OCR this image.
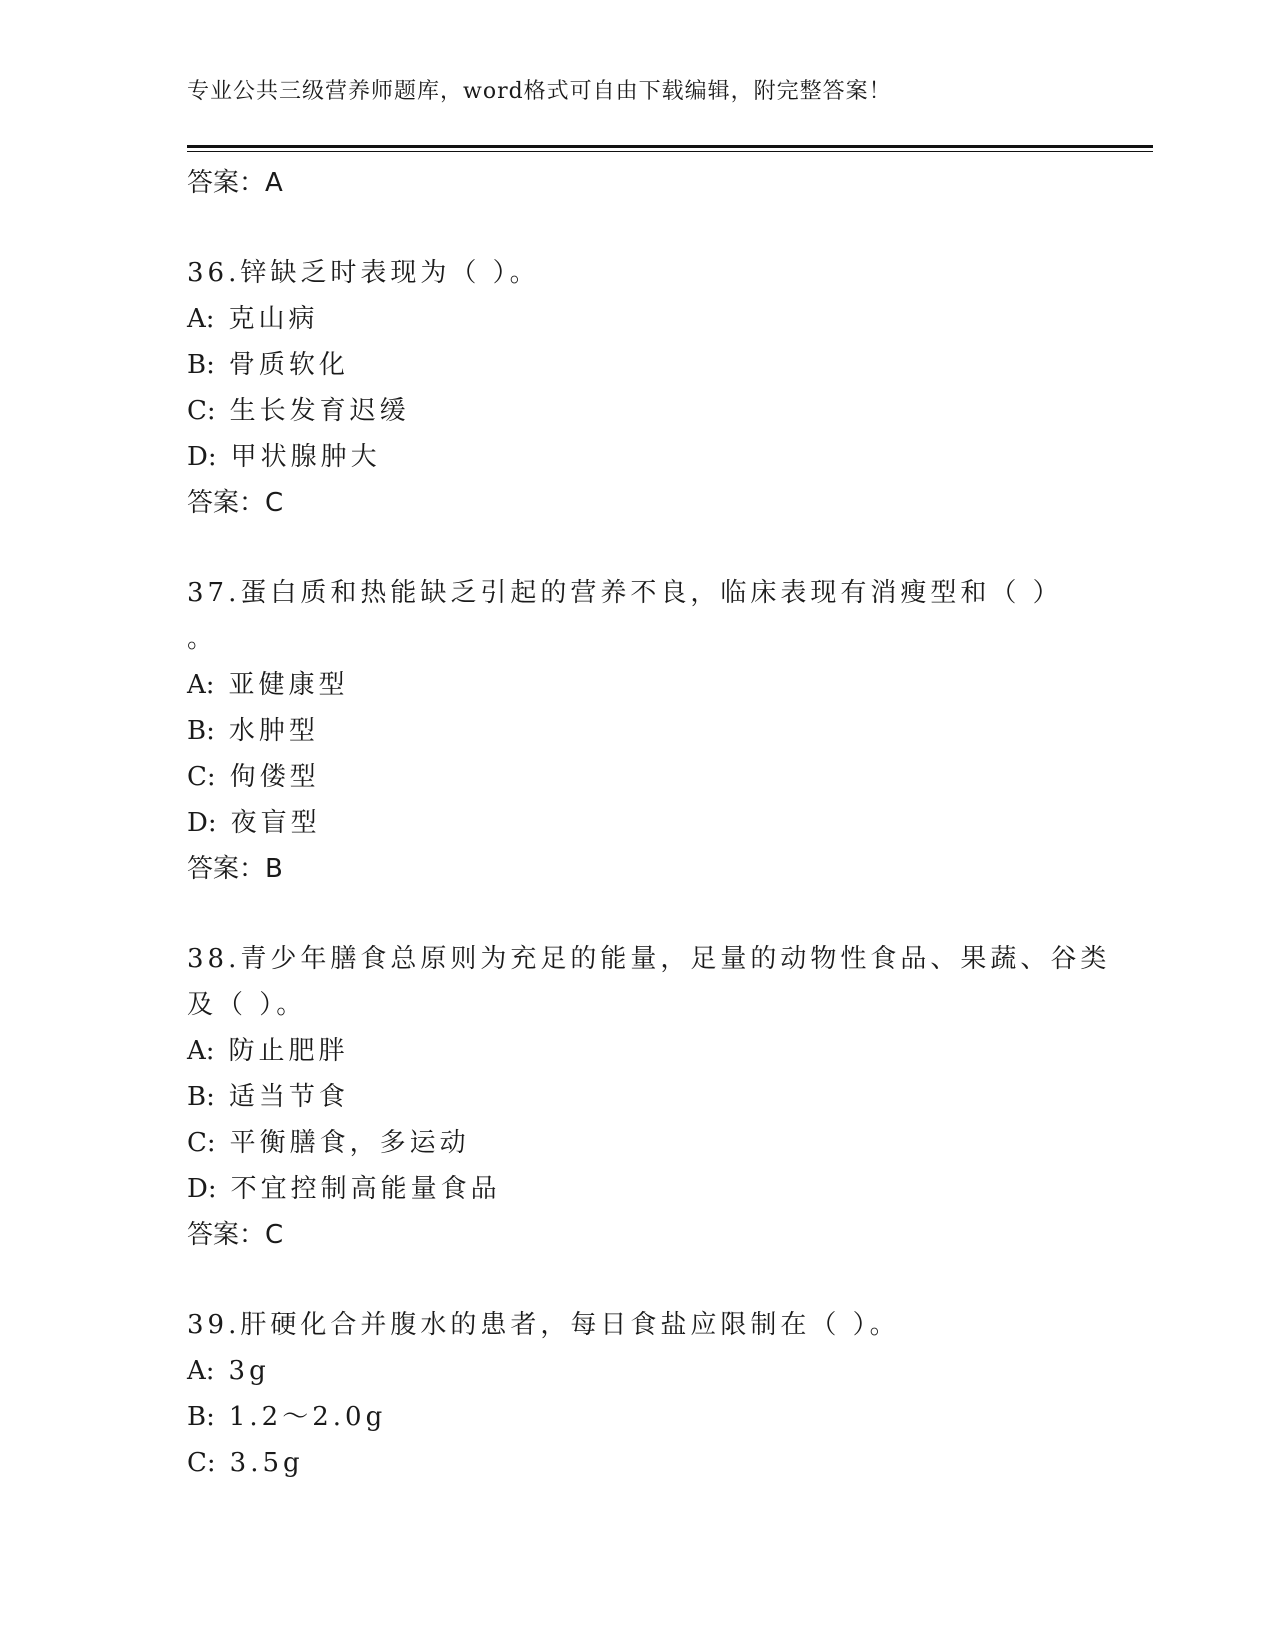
专业公共三级营养师题库，word格式可自由下载编辑，附完整答案！
答案：A
36.锌缺乏时表现为（ ）。
A: 克山病
B: 骨质软化
C: 生长发育迟缓
D: 甲状腺肿大
答案：C
37.蛋白质和热能缺乏引起的营养不良，临床表现有消瘦型和（ ）
。
A: 亚健康型
B: 水肿型
C: 佝偻型
D: 夜盲型
答案：B
38.青少年膳食总原则为充足的能量，足量的动物性食品、果蔬、谷类
及（ ）。
A: 防止肥胖
B: 适当节食
C: 平衡膳食，多运动
D: 不宜控制高能量食品
答案：C
39.肝硬化合并腹水的患者，每日食盐应限制在（ ）。
A: 3g
B: 1.2～2.0g
C: 3.5g
